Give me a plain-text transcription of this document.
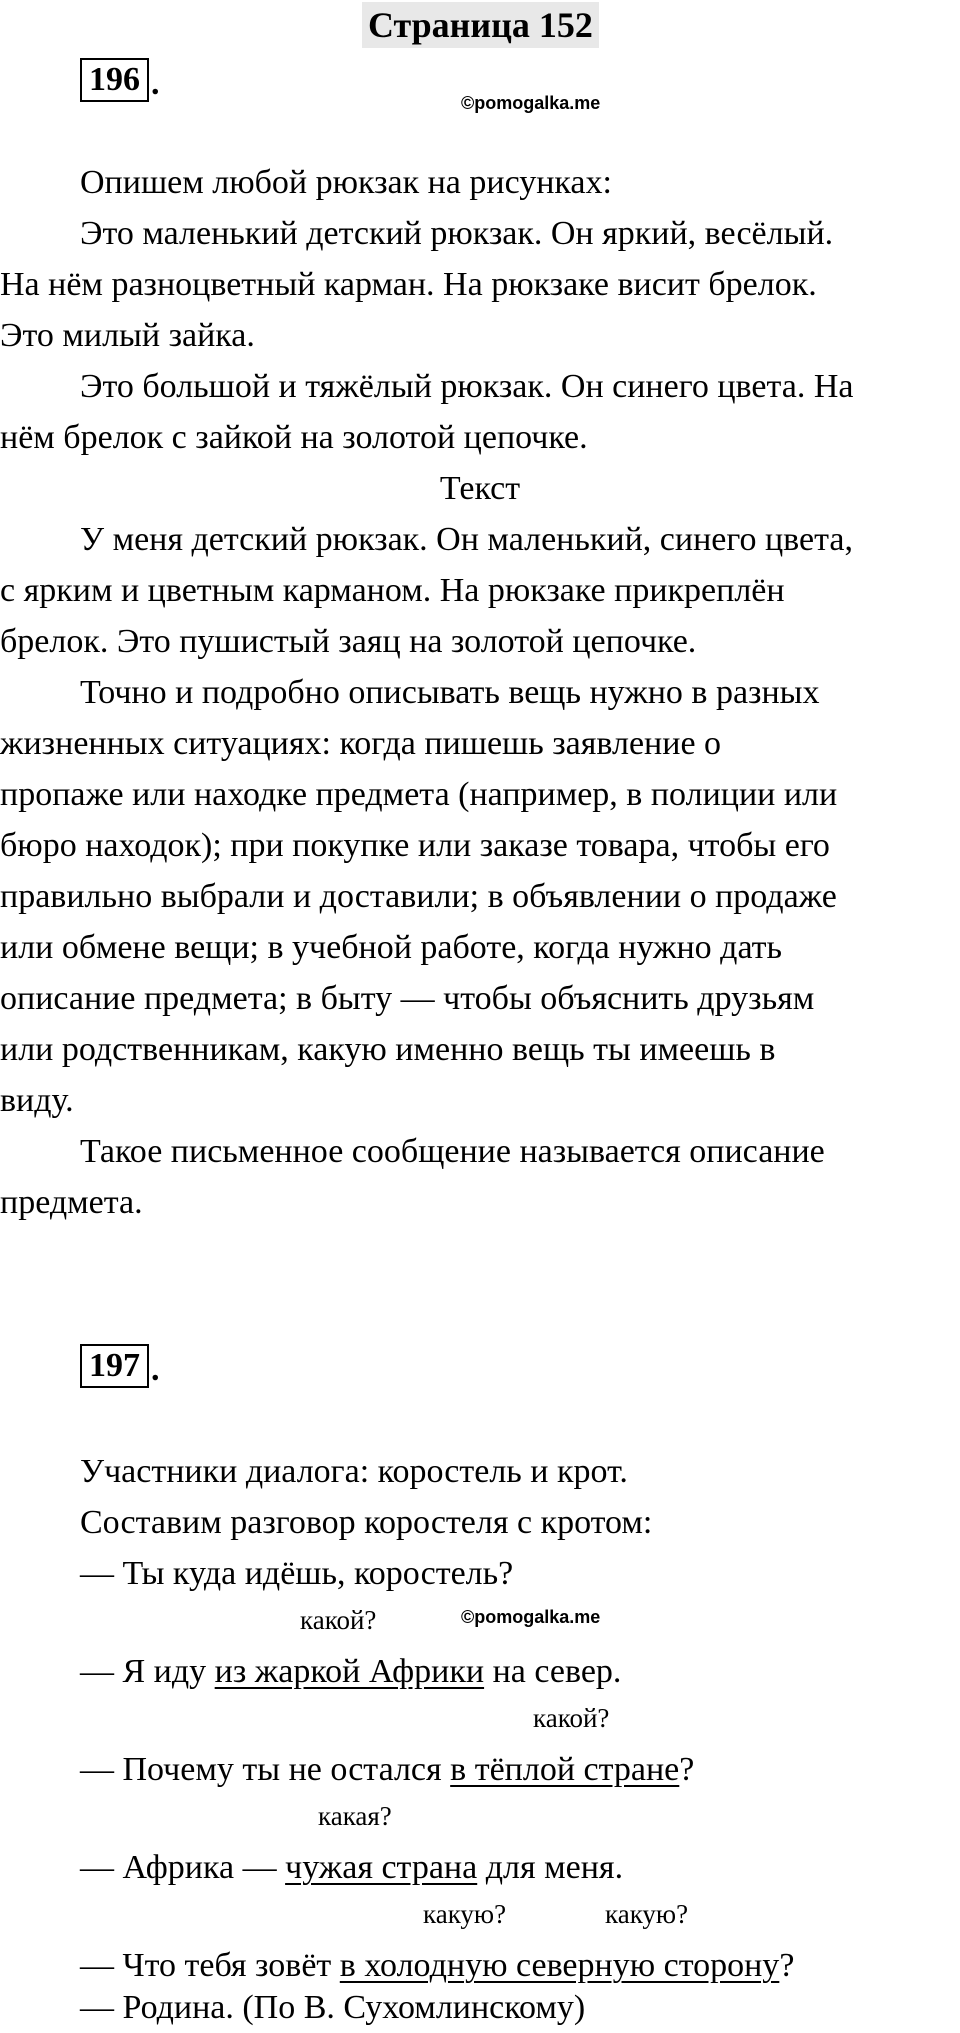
Страница 152
196 .
©pomogalka.me
Опишем любой рюкзак на рисунках:
Это маленький детский рюкзак. Он яркий, весёлый.
На нём разноцветный карман. На рюкзаке висит брелок.
Это милый зайка.
Это большой и тяжёлый рюкзак. Он синего цвета. На
нём брелок с зайкой на золотой цепочке.
Текст
У меня детский рюкзак. Он маленький, синего цвета,
с ярким и цветным карманом. На рюкзаке прикреплён
брелок. Это пушистый заяц на золотой цепочке.
Точно и подробно описывать вещь нужно в разных
жизненных ситуациях: когда пишешь заявление о
пропаже или находке предмета (например, в полиции или
бюро находок); при покупке или заказе товара, чтобы его
правильно выбрали и доставили; в объявлении о продаже
или обмене вещи; в учебной работе, когда нужно дать
описание предмета; в быту — чтобы объяснить друзьям
или родственникам, какую именно вещь ты имеешь в
виду.
Такое письменное сообщение называется описание
предмета.
197 .
Участники диалога: коростель и крот.
Составим разговор коростеля с кротом:
— Ты куда идёшь, коростель?
какой?	©pomogalka.me
— Я иду из жаркой Африки на север.
какой?
— Почему ты не остался в тёплой стране?
какая?
— Африка — чужая страна для меня.
какую?	какую?
— Что тебя зовёт в холодную северную сторону?
— Родина. (По В. Сухомлинскому)
